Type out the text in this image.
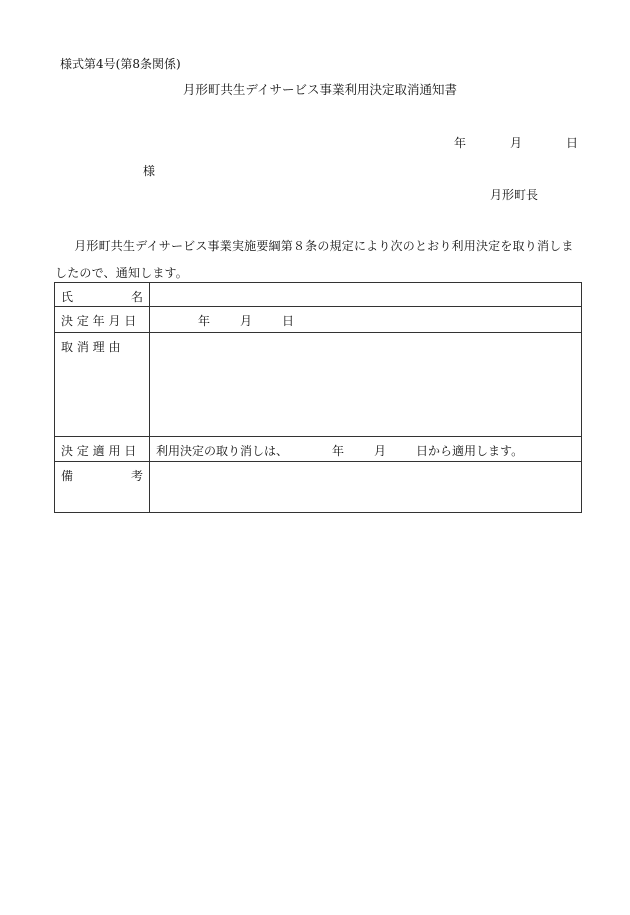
様式第4号(第8条関係)
月形町共生デイサービス事業利用決定取消通知書
年	月	日
様
月形町長
月形町共生デイサービス事業実施要綱第８条の規定により次のとおり利用決定を取り消しましたので、通知します。
氏 名	

決 定 年 月 日	年 月 日
取 消 理 由	
決 定 適 用 日	利用決定の取り消しは、 年 月 日から適用します。

備 考	
